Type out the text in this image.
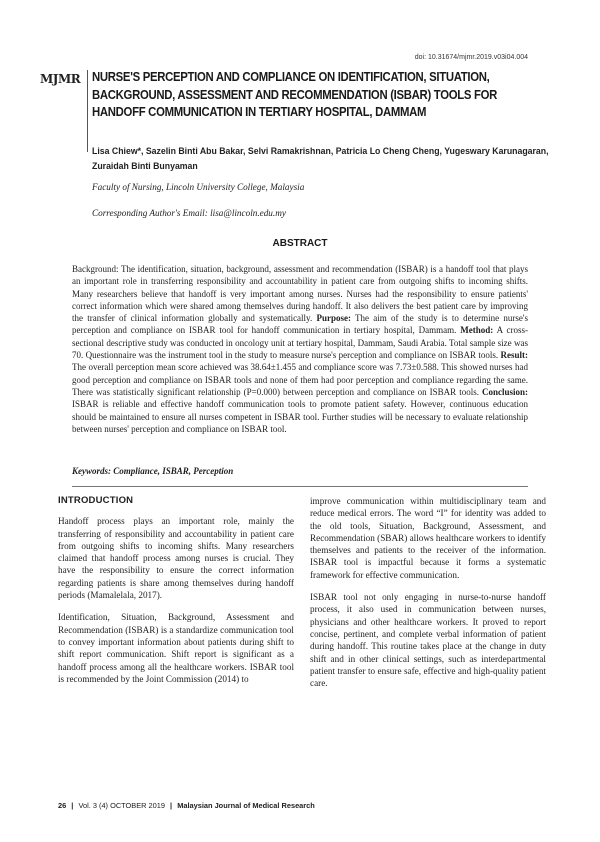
doi: 10.31674/mjmr.2019.v03i04.004
MJMR NURSE'S PERCEPTION AND COMPLIANCE ON IDENTIFICATION, SITUATION, BACKGROUND, ASSESSMENT AND RECOMMENDATION (ISBAR) TOOLS FOR HANDOFF COMMUNICATION IN TERTIARY HOSPITAL, DAMMAM
Lisa Chiew*, Sazelin Binti Abu Bakar, Selvi Ramakrishnan, Patricia Lo Cheng Cheng, Yugeswary Karunagaran, Zuraidah Binti Bunyaman
Faculty of Nursing, Lincoln University College, Malaysia
Corresponding Author's Email: lisa@lincoln.edu.my
ABSTRACT
Background: The identification, situation, background, assessment and recommendation (ISBAR) is a handoff tool that plays an important role in transferring responsibility and accountability in patient care from outgoing shifts to incoming shifts. Many researchers believe that handoff is very important among nurses. Nurses had the responsibility to ensure patients' correct information which were shared among themselves during handoff. It also delivers the best patient care by improving the transfer of clinical information globally and systematically. Purpose: The aim of the study is to determine nurse's perception and compliance on ISBAR tool for handoff communication in tertiary hospital, Dammam. Method: A cross-sectional descriptive study was conducted in oncology unit at tertiary hospital, Dammam, Saudi Arabia. Total sample size was 70. Questionnaire was the instrument tool in the study to measure nurse's perception and compliance on ISBAR tools. Result: The overall perception mean score achieved was 38.64±1.455 and compliance score was 7.73±0.588. This showed nurses had good perception and compliance on ISBAR tools and none of them had poor perception and compliance regarding the same. There was statistically significant relationship (P=0.000) between perception and compliance on ISBAR tools. Conclusion: ISBAR is reliable and effective handoff communication tools to promote patient safety. However, continuous education should be maintained to ensure all nurses competent in ISBAR tool. Further studies will be necessary to evaluate relationship between nurses' perception and compliance on ISBAR tool.
Keywords: Compliance, ISBAR, Perception
INTRODUCTION

Handoff process plays an important role, mainly the transferring of responsibility and accountability in patient care from outgoing shifts to incoming shifts. Many researchers claimed that handoff process among nurses is crucial. They have the responsibility to ensure the correct information regarding patients is share among themselves during handoff periods (Mamalelala, 2017).

Identification, Situation, Background, Assessment and Recommendation (ISBAR) is a standardize communication tool to convey important information about patients during shift to shift report communication. Shift report is significant as a handoff process among all the healthcare workers. ISBAR tool is recommended by the Joint Commission (2014) to

improve communication within multidisciplinary team and reduce medical errors. The word “I” for identity was added to the old tools, Situation, Background, Assessment, and Recommendation (SBAR) allows healthcare workers to identify themselves and patients to the receiver of the information. ISBAR tool is impactful because it forms a systematic framework for effective communication.

ISBAR tool not only engaging in nurse-to-nurse handoff process, it also used in communication between nurses, physicians and other healthcare workers. It proved to report concise, pertinent, and complete verbal information of patient during handoff. This routine takes place at the change in duty shift and in other clinical settings, such as interdepartmental patient transfer to ensure safe, effective and high-quality patient care.

26 | Vol. 3 (4) OCTOBER 2019 | Malaysian Journal of Medical Research
